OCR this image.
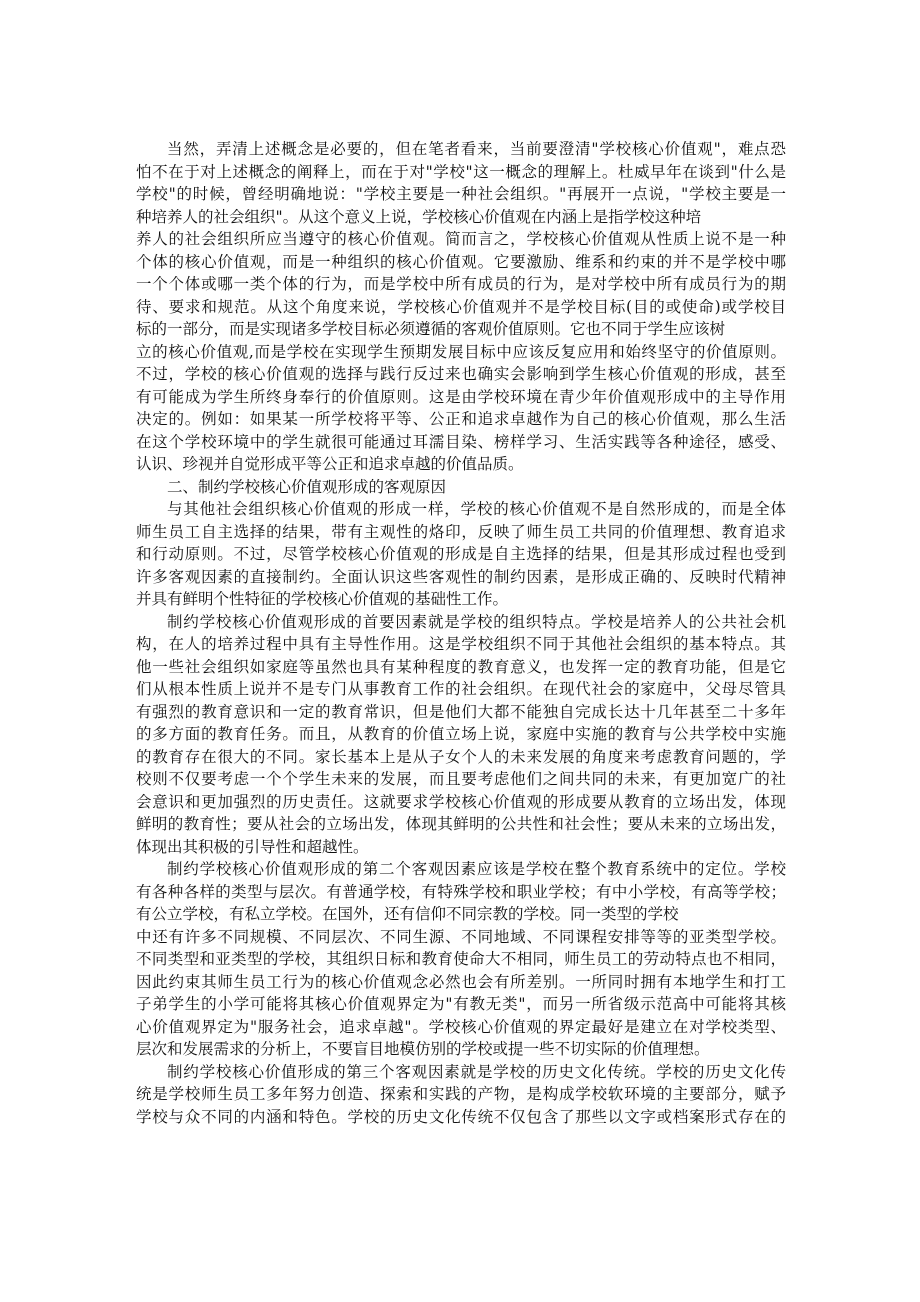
当然，弄清上述概念是必要的，但在笔者看来，当前要澄清"学校核心价值观"，难点恐
怕不在于对上述概念的阐释上，而在于对"学校"这一概念的理解上。杜威早年在谈到"什么是
学校"的时候，曾经明确地说："学校主要是一种社会组织。"再展开一点说，"学校主要是一
种培养人的社会组织"。从这个意义上说，学校核心价值观在内涵上是指学校这种培
养人的社会组织所应当遵守的核心价值观。简而言之，学校核心价值观从性质上说不是一种
个体的核心价值观，而是一种组织的核心价值观。它要激励、维系和约束的并不是学校中哪
一个个体或哪一类个体的行为，而是学校中所有成员的行为，是对学校中所有成员行为的期
待、要求和规范。从这个角度来说，学校核心价值观并不是学校目标(目的或使命)或学校目
标的一部分，而是实现诸多学校目标必须遵循的客观价值原则。它也不同于学生应该树
立的核心价值观,而是学校在实现学生预期发展目标中应该反复应用和始终坚守的价值原则。
不过，学校的核心价值观的选择与践行反过来也确实会影响到学生核心价值观的形成，甚至
有可能成为学生所终身奉行的价值原则。这是由学校环境在青少年价值观形成中的主导作用
决定的。例如：如果某一所学校将平等、公正和追求卓越作为自己的核心价值观，那么生活
在这个学校环境中的学生就很可能通过耳濡目染、榜样学习、生活实践等各种途径，感受、
认识、珍视并自觉形成平等公正和追求卓越的价值品质。
二、制约学校核心价值观形成的客观原因
与其他社会组织核心价值观的形成一样，学校的核心价值观不是自然形成的，而是全体
师生员工自主选择的结果，带有主观性的烙印，反映了师生员工共同的价值理想、教育追求
和行动原则。不过，尽管学校核心价值观的形成是自主选择的结果，但是其形成过程也受到
许多客观因素的直接制约。全面认识这些客观性的制约因素，是形成正确的、反映时代精神
并具有鲜明个性特征的学校核心价值观的基础性工作。
制约学校核心价值观形成的首要因素就是学校的组织特点。学校是培养人的公共社会机
构，在人的培养过程中具有主导性作用。这是学校组织不同于其他社会组织的基本特点。其
他一些社会组织如家庭等虽然也具有某种程度的教育意义，也发挥一定的教育功能，但是它
们从根本性质上说并不是专门从事教育工作的社会组织。在现代社会的家庭中，父母尽管具
有强烈的教育意识和一定的教育常识，但是他们大都不能独自完成长达十几年甚至二十多年
的多方面的教育任务。而且，从教育的价值立场上说，家庭中实施的教育与公共学校中实施
的教育存在很大的不同。家长基本上是从子女个人的未来发展的角度来考虑教育问题的，学
校则不仅要考虑一个个学生未来的发展，而且要考虑他们之间共同的未来，有更加宽广的社
会意识和更加强烈的历史责任。这就要求学校核心价值观的形成要从教育的立场出发，体现
鲜明的教育性；要从社会的立场出发，体现其鲜明的公共性和社会性；要从未来的立场出发，
体现出其积极的引导性和超越性。
制约学校核心价值观形成的第二个客观因素应该是学校在整个教育系统中的定位。学校
有各种各样的类型与层次。有普通学校，有特殊学校和职业学校；有中小学校，有高等学校；
有公立学校，有私立学校。在国外，还有信仰不同宗教的学校。同一类型的学校
中还有许多不同规模、不同层次、不同生源、不同地域、不同课程安排等等的亚类型学校。
不同类型和亚类型的学校，其组织日标和教育使命大不相同，师生员工的劳动特点也不相同，
因此约束其师生员工行为的核心价值观念必然也会有所差别。一所同时拥有本地学生和打工
子弟学生的小学可能将其核心价值观界定为"有教无类"，而另一所省级示范高中可能将其核
心价值观界定为"服务社会，追求卓越"。学校核心价值观的界定最好是建立在对学校类型、
层次和发展需求的分析上，不要盲目地模仿别的学校或提一些不切实际的价值理想。
制约学校核心价值形成的第三个客观因素就是学校的历史文化传统。学校的历史文化传
统是学校师生员工多年努力创造、探索和实践的产物，是构成学校软环境的主要部分，赋予
学校与众不同的内涵和特色。学校的历史文化传统不仅包含了那些以文字或档案形式存在的
